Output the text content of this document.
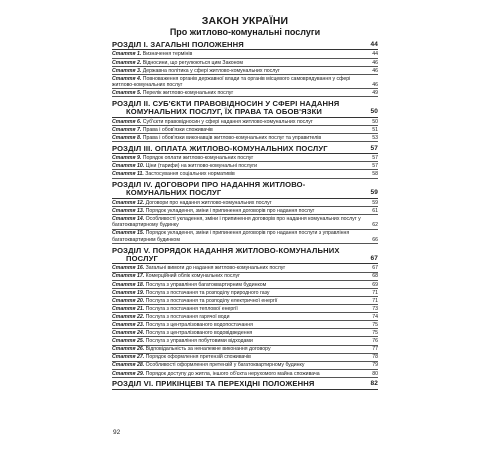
ЗАКОН УКРАЇНИ
Про житлово-комунальні послуги
РОЗДІЛ І. ЗАГАЛЬНІ ПОЛОЖЕННЯ	44
Стаття 1. Визначення термінів	44
Стаття 2. Відносини, що регулюються цим Законом	46
Стаття 3. Державна політика у сфері житлово-комунальних послуг	46
Стаття 4. Повноваження органів державної влади та органів місцевого самоврядування у сфері житлово-комунальних послуг	46
Стаття 5. Перелік житлово-комунальних послуг	49
РОЗДІЛ II. СУБ'ЄКТИ ПРАВОВІДНОСИН У СФЕРІ НАДАННЯ
КОМУНАЛЬНИХ ПОСЛУГ, ЇХ ПРАВА ТА ОБОВ'ЯЗКИ	50
Стаття 6. Суб'єкти правовідносин у сфері надання житлово-комунальних послуг	50
Стаття 7. Права і обов'язки споживачів	51
Стаття 8. Права і обов'язки виконавців житлово-комунальних послуг та управителів	53
РОЗДІЛ III. ОПЛАТА ЖИТЛОВО-КОМУНАЛЬНИХ ПОСЛУГ	57
Стаття 9. Порядок оплати житлово-комунальних послуг	57
Стаття 10. Ціни (тарифи) на житлово-комунальні послуги	57
Стаття 11. Застосування соціальних нормативів	58
РОЗДІЛ IV. ДОГОВОРИ ПРО НАДАННЯ ЖИТЛОВО-
КОМУНАЛЬНИХ ПОСЛУГ	59
Стаття 12. Договори про надання житлово-комунальних послуг	59
Стаття 13. Порядок укладення, зміни і припинення договорів про надання послуг	61
Стаття 14. Особливості укладення, зміни і припинення договорів про надання комунальних послуг у багатоквартирному будинку	62
Стаття 15. Порядок укладення, зміни і припинення договорів про надання послуги з управління багатоквартирним будинком	66
РОЗДІЛ V. ПОРЯДОК НАДАННЯ ЖИТЛОВО-КОМУНАЛЬНИХ
ПОСЛУГ	67
Стаття 16. Загальні вимоги до надання житлово-комунальних послуг	67
Стаття 17. Комерційний облік комунальних послуг	68
Стаття 18. Послуга з управління багатоквартирним будинком	69
Стаття 19. Послуга з постачання та розподілу природного газу	71
Стаття 20. Послуга з постачання та розподілу електричної енергії	71
Стаття 21. Послуга з постачання теплової енергії	73
Стаття 22. Послуга з постачання гарячої води	74
Стаття 23. Послуга з централізованого водопостачання	75
Стаття 24. Послуга з централізованого водовідведення	75
Стаття 25. Послуга з управління побутовими відходами	76
Стаття 26. Відповідальність за неналежне виконання договору	77
Стаття 27. Порядок оформлення претензій споживачів	78
Стаття 28. Особливості оформлення претензій у багатоквартирному будинку	79
Стаття 29. Порядок доступу до житла, іншого об'єкта нерухомого майна споживача	80
РОЗДІЛ VI. ПРИКІНЦЕВІ ТА ПЕРЕХІДНІ ПОЛОЖЕННЯ	82
92
